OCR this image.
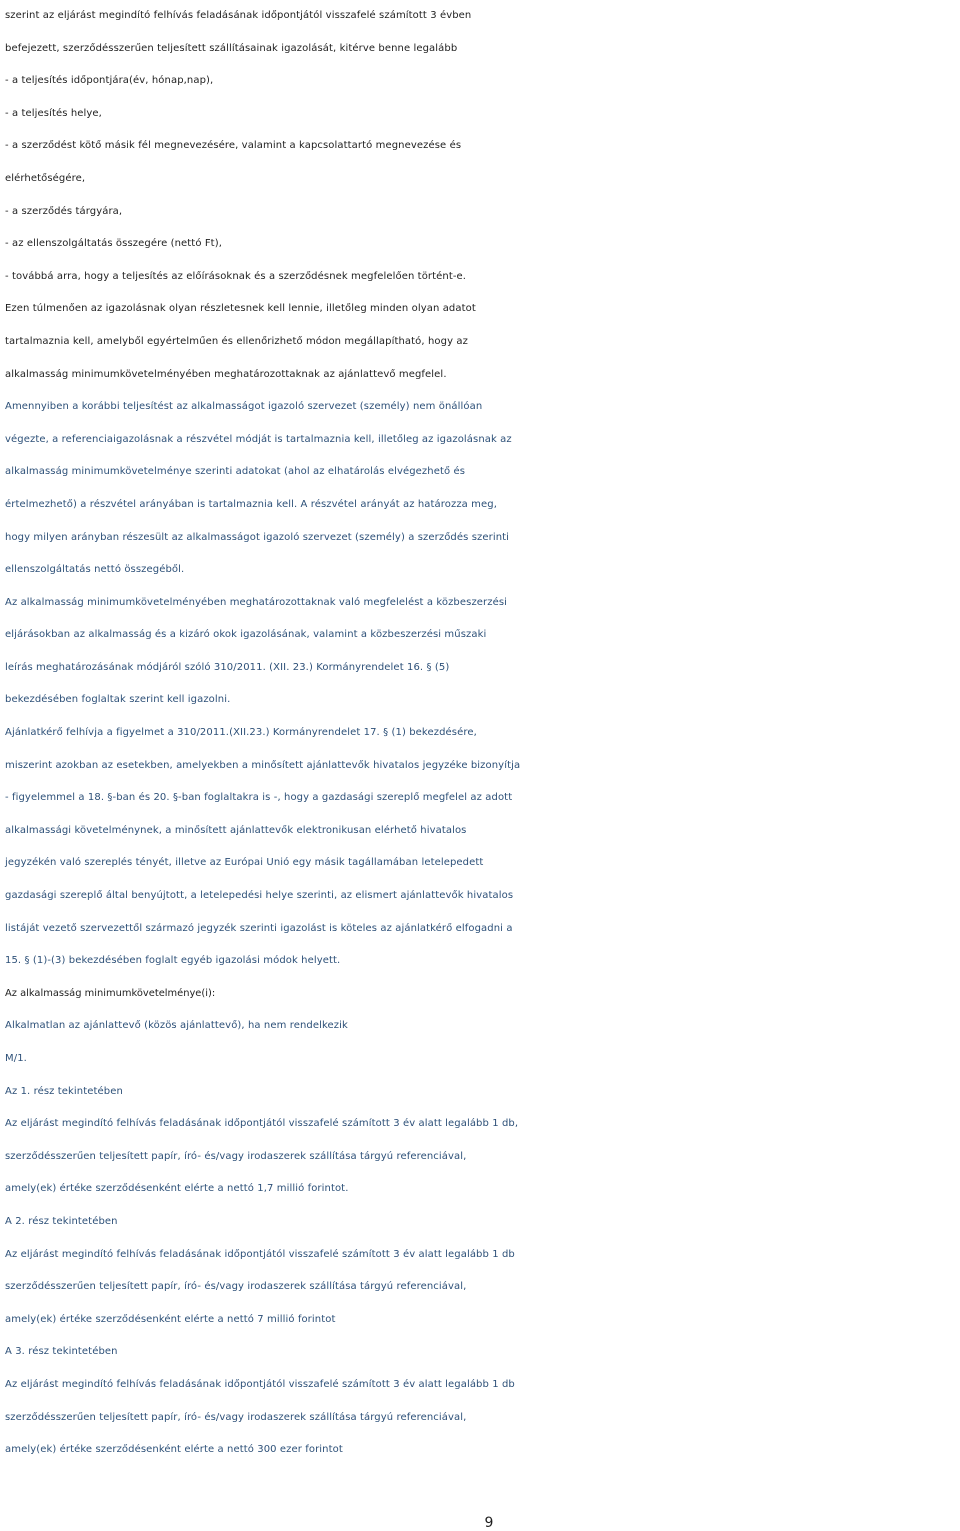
szerint az eljárást megindító felhívás feladásának időpontjától visszafelé számított 3 évben
befejezett, szerződésszerűen teljesített szállításainak igazolását, kitérve benne legalább
- a teljesítés időpontjára(év, hónap,nap),
- a teljesítés helye,
- a szerződést kötő másik fél megnevezésére, valamint a kapcsolattartó megnevezése és
elérhetőségére,
- a szerződés tárgyára,
- az ellenszolgáltatás összegére (nettó Ft),
- továbbá arra, hogy a teljesítés az előírásoknak és a szerződésnek megfelelően történt-e.
Ezen túlmenően az igazolásnak olyan részletesnek kell lennie, illetőleg minden olyan adatot
tartalmaznia kell, amelyből egyértelműen és ellenőrizhető módon megállapítható, hogy az
alkalmasság minimumkövetelményében meghatározottaknak az ajánlattevő megfelel.
Amennyiben a korábbi teljesítést az alkalmasságot igazoló szervezet (személy) nem önállóan
végezte, a referenciaigazolásnak a részvétel módját is tartalmaznia kell, illetőleg az igazolásnak az
alkalmasság minimumkövetelménye szerinti adatokat (ahol az elhatárolás elvégezhető és
értelmezhető) a részvétel arányában is tartalmaznia kell. A részvétel arányát az határozza meg,
hogy milyen arányban részesült az alkalmasságot igazoló szervezet (személy) a szerződés szerinti
ellenszolgáltatás nettó összegéből.
Az alkalmasság minimumkövetelményében meghatározottaknak való megfelelést a közbeszerzési
eljárásokban az alkalmasság és a kizáró okok igazolásának, valamint a közbeszerzési műszaki
leírás meghatározásának módjáról szóló 310/2011. (XII. 23.) Kormányrendelet 16. § (5)
bekezdésében foglaltak szerint kell igazolni.
Ajánlatkérő felhívja a figyelmet a 310/2011.(XII.23.) Kormányrendelet 17. § (1) bekezdésére,
miszerint azokban az esetekben, amelyekben a minősített ajánlattevők hivatalos jegyzéke bizonyítja
- figyelemmel a 18. §-ban és 20. §-ban foglaltakra is -, hogy a gazdasági szereplő megfelel az adott
alkalmassági követelménynek, a minősített ajánlattevők elektronikusan elérhető hivatalos
jegyzékén való szereplés tényét, illetve az Európai Unió egy másik tagállamában letelepedett
gazdasági szereplő által benyújtott, a letelepedési helye szerinti, az elismert ajánlattevők hivatalos
listáját vezető szervezettől származó jegyzék szerinti igazolást is köteles az ajánlatkérő elfogadni a
15. § (1)-(3) bekezdésében foglalt egyéb igazolási módok helyett.
Az alkalmasság minimumkövetelménye(i):
Alkalmatlan az ajánlattevő (közös ajánlattevő), ha nem rendelkezik
M/1.
Az 1. rész tekintetében
Az eljárást megindító felhívás feladásának időpontjától visszafelé számított 3 év alatt legalább 1 db,
szerződésszerűen teljesített papír, író- és/vagy irodaszerek szállítása tárgyú referenciával,
amely(ek) értéke szerződésenként elérte a nettó 1,7 millió forintot.
A 2. rész tekintetében
Az eljárást megindító felhívás feladásának időpontjától visszafelé számított 3 év alatt legalább 1 db
szerződésszerűen teljesített papír, író- és/vagy irodaszerek szállítása tárgyú referenciával,
amely(ek) értéke szerződésenként elérte a nettó 7 millió forintot
A 3. rész tekintetében
Az eljárást megindító felhívás feladásának időpontjától visszafelé számított 3 év alatt legalább 1 db
szerződésszerűen teljesített papír, író- és/vagy irodaszerek szállítása tárgyú referenciával,
amely(ek) értéke szerződésenként elérte a nettó 300 ezer forintot
9
